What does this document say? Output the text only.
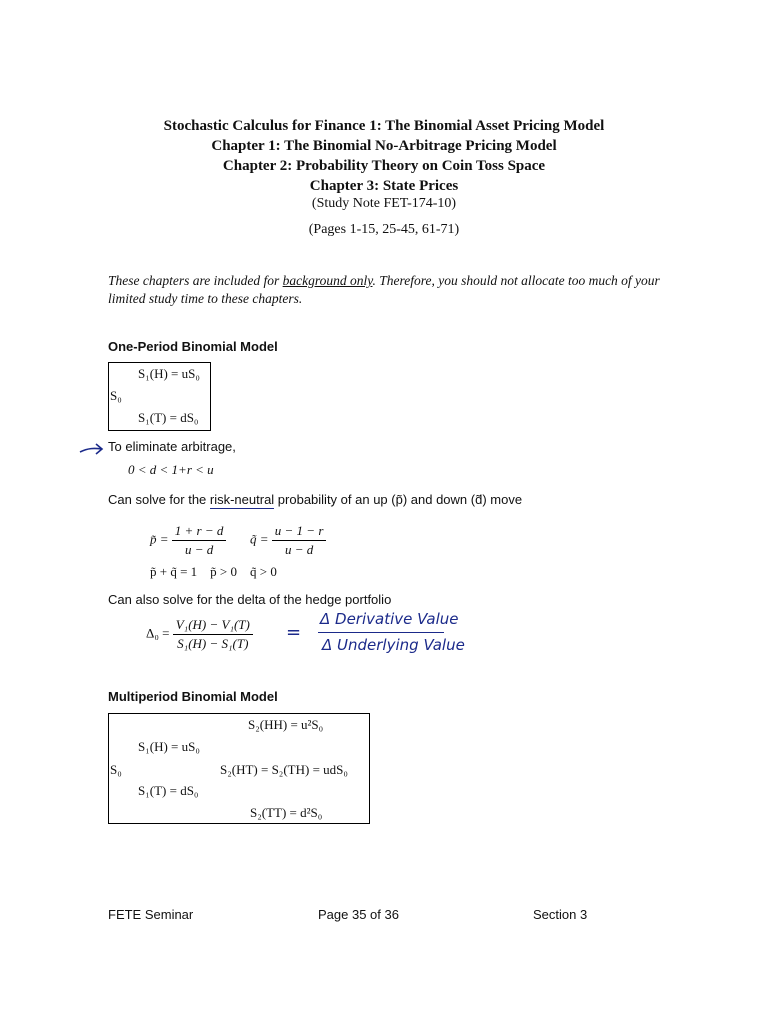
Stochastic Calculus for Finance 1: The Binomial Asset Pricing Model
Chapter 1: The Binomial No-Arbitrage Pricing Model
Chapter 2: Probability Theory on Coin Toss Space
Chapter 3: State Prices
(Study Note FET-174-10)
(Pages 1-15, 25-45, 61-71)
These chapters are included for background only. Therefore, you should not allocate too much of your limited study time to these chapters.
One-Period Binomial Model
S₁(H) = uS₀
S₀
S₁(T) = dS₀
To eliminate arbitrage,
0 < d < 1+r < u
Can solve for the risk-neutral probability of an up (p̃) and down (d̃) move
p̃ = $\frac{1 + r - d}{u - d}$ q̃ = $\frac{u - 1 - r}{u - d}$
p̃ + q̃ = 1    p̃ > 0    q̃ > 0
Can also solve for the delta of the hedge portfolio
$\Delta_0 = \frac{\text{V₁(H) − V₁(T)}}{\text{S₁(H) − S₁(T)}}$ =
Δ Derivative Value
Δ Underlying Value
Multiperiod Binomial Model
S₂(HH) = u²S₀
S₁(H) = uS₀
S₀	S₂(HT) = S₂(TH) = udS₀
S₁(T) = dS₀
S₂(TT) = d²S₀
FETE Seminar	Page 35 of 36	Section 3
